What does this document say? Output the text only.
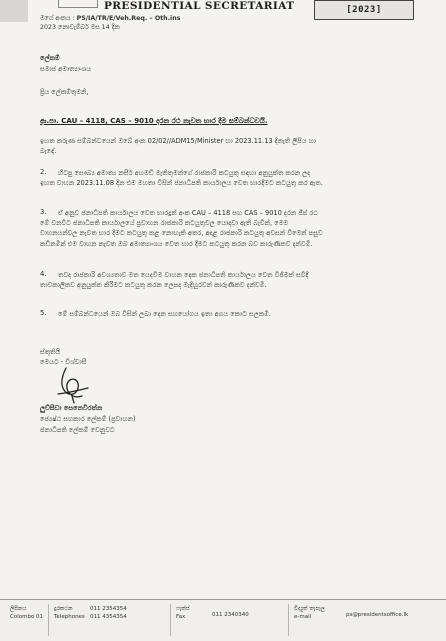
PRESIDENTIAL SECRETARIAT	[2023]
මගේ අංකය : PS/IA/TR/E/Veh.Req. – Oth.ins
2023 නොවැම්බර් මස 14 දින
ලේකම්
සමාජ අමාත්‍යාංශය
ප්‍රිය ලේකම්තුමනි,
ආ.පා. CAU – 4118, CAS – 9010 දරන රථ නැවත භාර දීම සම්බන්ධවයි.
ඉහත කරුණ සම්බන්ධයෙන් ඔබේ අංක 02/02//ADM15/Minister හා 2023.11.13 දිනැති ලිපිය හා
බැඳේ.
2. හිටපු සෞඛ්‍ය අමාත්‍ය නසීර් අහමඩ් මැතිතුමන්ගේ රාජකාරි කටයුතු සඳහා අනුයුක්ත කරන ලද
ඉහත වාහන 2023.11.08 දින එම මහතා විසින් ජනාධිපති කාර්යාලය වෙත භාරදීමට කටයුතු කර ඇත.
3. ඒ අනුව ජනාධිපති කාර්යාලය වෙත භාරදුන් අංක CAU – 4118 සහ CAS – 9010 දරන ජීප් රථ
මේ වනවිට ජනාධිපති කාර්යාලයේ ප්‍රවාහන රාජකාරි කටයුතුවල යොදවා ඇති බැවින්, මෙම
වාහනයන්වල නැවත භාර දීමට කටයුතු කළ නොහැකි අතර, අදාළ රාජකාරි කටයුතු අවසන් වීමෙන් පසුව
කඩිනමින් එම වාහන නැවත ඔබ අමාත්‍යාංශය වෙත භාර දීමට කටයුතු කරන බව කාරුණිකව දන්වමි.
4. තවද රාජකාරි අවශ්‍යතාව මත යෙදවීම වාහන දෙක ජනාධිපති කාර්යාලය වෙත වීජිමක් සවිදී
තාවකාලිකව අනුයුක්ත කිරීමට කටයුතු කරන ලෙසද මැදිහුරවන් කාරුණිකව දන්වමි.
5. මේ සම්බන්ධයෙන් ඔබ විසින් ලබා දෙන සහයෝගය ඉතා අගය කොට සලකමි.
ස්තුතියි
මෙයට - විශ්වාසී
ලුව්සීඩා සෙනෙවිරත්න
ජ්‍යෙෂ්ඨ සහකාර ලේකම් (ප්‍රවාහන)
ජනාධිපති ලේකම් වෙනුවට
ලිපිනය
Colombo 01
දුරකථන
Telephones
011 2354354
011 4354354
ෆැක්ස්
Fax	011 2340340
විද්‍යුත් තැපෑල
e-mail	ps@presidentsoffice.lk
